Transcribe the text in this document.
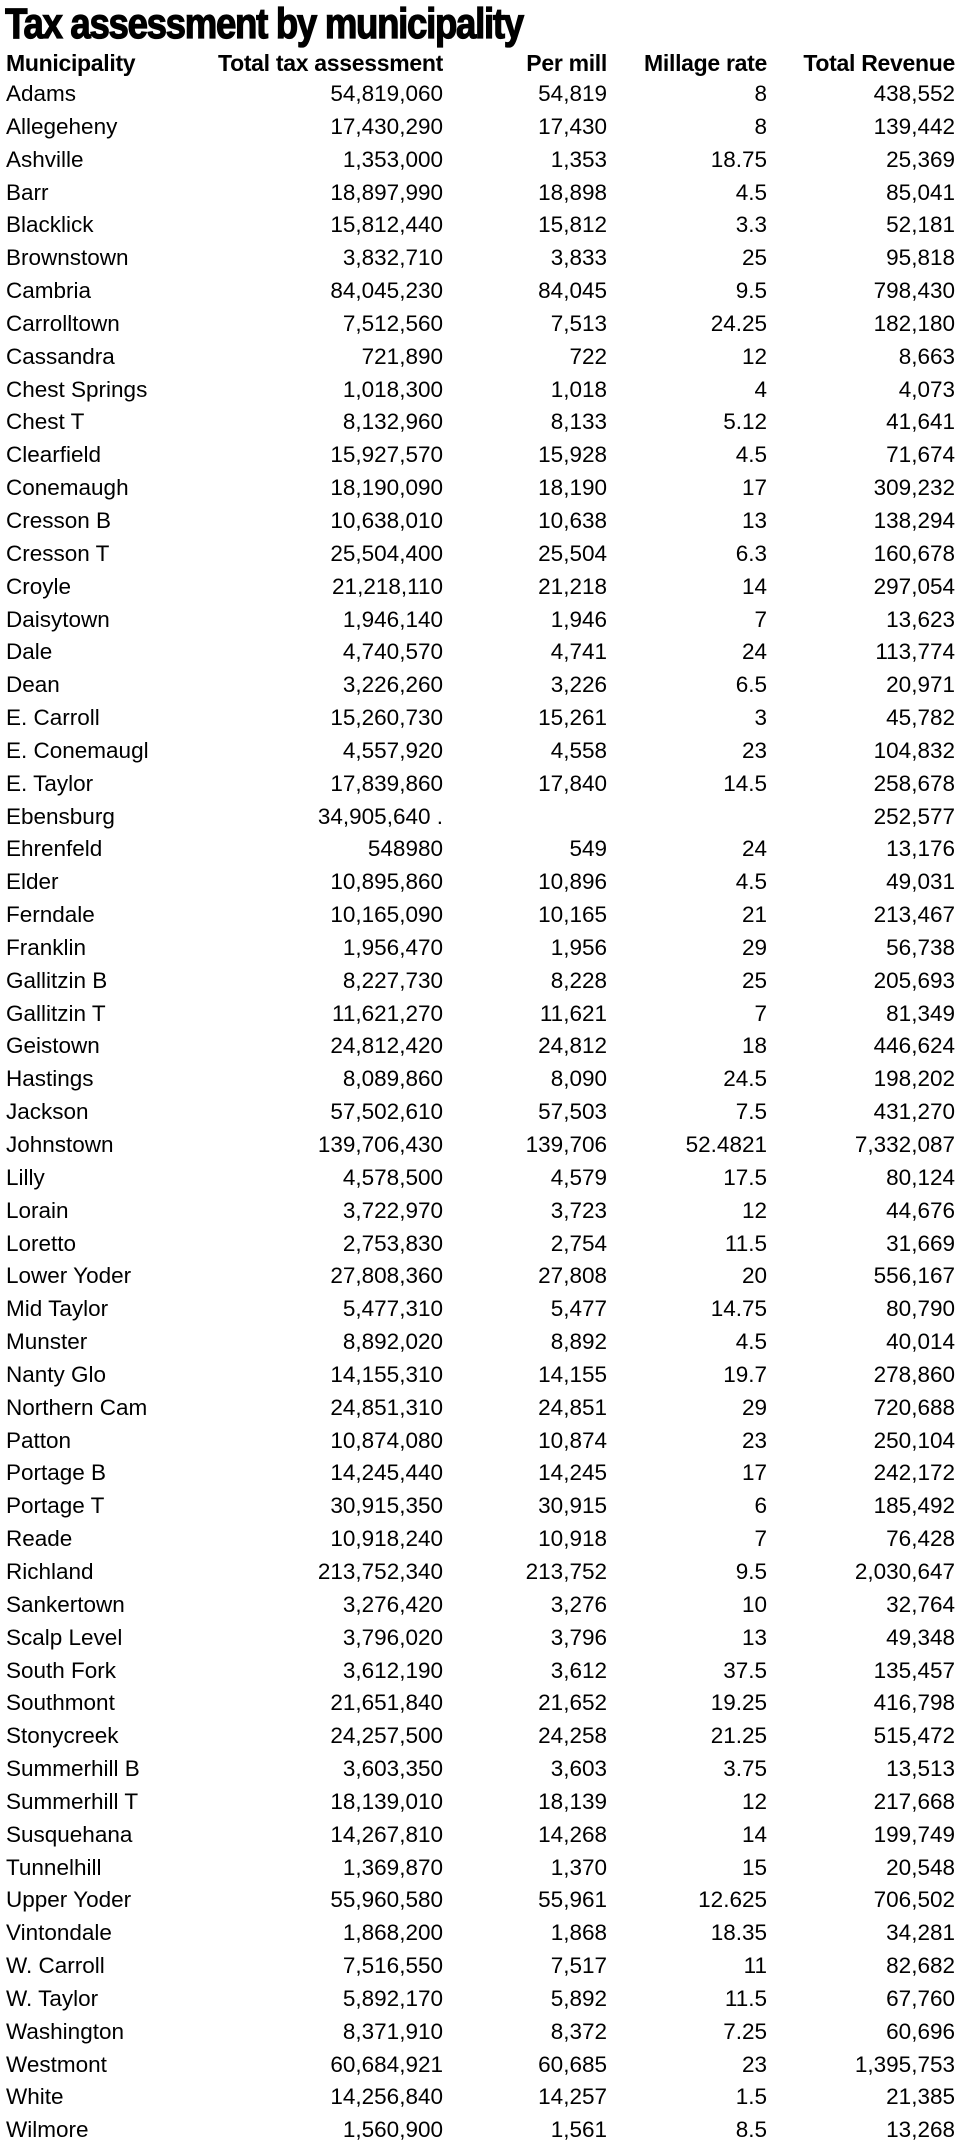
Tax assessment by municipality
Municipality	Total tax assessment	Per mill	Millage rate	Total Revenue
Adams	54,819,060	54,819	8	438,552
Allegeheny	17,430,290	17,430	8	139,442
Ashville	1,353,000	1,353	18.75	25,369
Barr	18,897,990	18,898	4.5	85,041
Blacklick	15,812,440	15,812	3.3	52,181
Brownstown	3,832,710	3,833	25	95,818
Cambria	84,045,230	84,045	9.5	798,430
Carrolltown	7,512,560	7,513	24.25	182,180
Cassandra	721,890	722	12	8,663
Chest Springs	1,018,300	1,018	4	4,073
Chest T	8,132,960	8,133	5.12	41,641
Clearfield	15,927,570	15,928	4.5	71,674
Conemaugh	18,190,090	18,190	17	309,232
Cresson B	10,638,010	10,638	13	138,294
Cresson T	25,504,400	25,504	6.3	160,678
Croyle	21,218,110	21,218	14	297,054
Daisytown	1,946,140	1,946	7	13,623
Dale	4,740,570	4,741	24	113,774
Dean	3,226,260	3,226	6.5	20,971
E. Carroll	15,260,730	15,261	3	45,782
E. Conemaugl	4,557,920	4,558	23	104,832
E. Taylor	17,839,860	17,840	14.5	258,678
Ebensburg	34,905,640 .			252,577
Ehrenfeld	548980	549	24	13,176
Elder	10,895,860	10,896	4.5	49,031
Ferndale	10,165,090	10,165	21	213,467
Franklin	1,956,470	1,956	29	56,738
Gallitzin B	8,227,730	8,228	25	205,693
Gallitzin T	11,621,270	11,621	7	81,349
Geistown	24,812,420	24,812	18	446,624
Hastings	8,089,860	8,090	24.5	198,202
Jackson	57,502,610	57,503	7.5	431,270
Johnstown	139,706,430	139,706	52.4821	7,332,087
Lilly	4,578,500	4,579	17.5	80,124
Lorain	3,722,970	3,723	12	44,676
Loretto	2,753,830	2,754	11.5	31,669
Lower Yoder	27,808,360	27,808	20	556,167
Mid Taylor	5,477,310	5,477	14.75	80,790
Munster	8,892,020	8,892	4.5	40,014
Nanty Glo	14,155,310	14,155	19.7	278,860
Northern Cam	24,851,310	24,851	29	720,688
Patton	10,874,080	10,874	23	250,104
Portage B	14,245,440	14,245	17	242,172
Portage T	30,915,350	30,915	6	185,492
Reade	10,918,240	10,918	7	76,428
Richland	213,752,340	213,752	9.5	2,030,647
Sankertown	3,276,420	3,276	10	32,764
Scalp Level	3,796,020	3,796	13	49,348
South Fork	3,612,190	3,612	37.5	135,457
Southmont	21,651,840	21,652	19.25	416,798
Stonycreek	24,257,500	24,258	21.25	515,472
Summerhill B	3,603,350	3,603	3.75	13,513
Summerhill T	18,139,010	18,139	12	217,668
Susquehana	14,267,810	14,268	14	199,749
Tunnelhill	1,369,870	1,370	15	20,548
Upper Yoder	55,960,580	55,961	12.625	706,502
Vintondale	1,868,200	1,868	18.35	34,281
W. Carroll	7,516,550	7,517	11	82,682
W. Taylor	5,892,170	5,892	11.5	67,760
Washington	8,371,910	8,372	7.25	60,696
Westmont	60,684,921	60,685	23	1,395,753
White	14,256,840	14,257	1.5	21,385
Wilmore	1,560,900	1,561	8.5	13,268
